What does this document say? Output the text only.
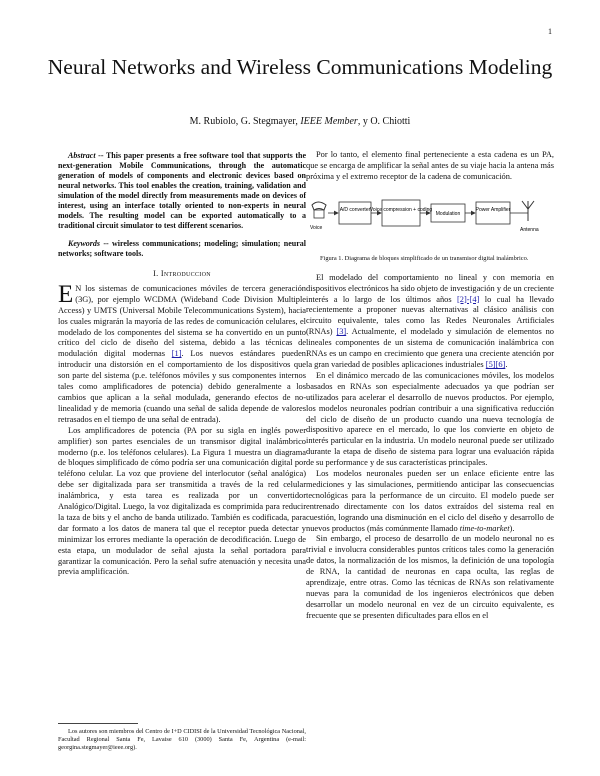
1
Neural Networks and Wireless Communications Modeling
M. Rubiolo, G. Stegmayer, IEEE Member, y O. Chiotti

Abstract -- This paper presents a free software tool that supports the next-generation Mobile Communications, through the automatic generation of models of components and electronic devices based on neural networks. This tool enables the creation, training, validation and simulation of the model directly from measurements made on devices of interest, using an interface totally oriented to non-experts in neural models. The resulting model can be exported automatically to a traditional circuit simulator to test different scenarios.

Keywords -- wireless communications; modeling; simulation; neural networks; software tools.

I. Introduccion

E N los sistemas de comunicaciones móviles de tercera generación (3G), por ejemplo WCDMA (Wideband Code Division Multiple Access) y UMTS (Universal Mobile Telecommunications System), hacia los cuales migrarán la mayoría de las redes de comunicación celulares, el modelado de los componentes del sistema se ha convertido en un punto crítico del ciclo de diseño del sistema, debido a las técnicas de modulación digital modernas [1]. Los nuevos estándares pueden introducir una distorsión en el comportamiento de los dispositivos que son parte del sistema (p.e. teléfonos móviles y sus componentes internos tales como amplificadores de potencia) debido generalmente a los cambios que aplican a la señal modulada, generando efectos de no-linealidad y de memoria (cuando una señal de salida depende de valores retrasados en el tiempo de una señal de entrada).

Los amplificadores de potencia (PA por su sigla en inglés power amplifier) son partes esenciales de un transmisor digital inalámbrico moderno (p.e. los teléfonos celulares). La Figura 1 muestra un diagrama de bloques simplificado de cómo podría ser una comunicación digital por teléfono celular. La voz que proviene del interlocutor (señal analógica) debe ser digitalizada para ser transmitida a través de la red celular inalámbrica, y esta tarea es realizada por un convertidor Analógico/Digital. Luego, la voz digitalizada es comprimida para reducir la taza de bits y el ancho de banda utilizado. También es codificada, para dar formato a los datos de manera tal que el receptor pueda detectar y minimizar los errores mediante la operación de decodificación. Luego de esta etapa, un modulador de señal ajusta la señal portadora para garantizar la comunicación. Pero la señal sufre atenuación y necesita una previa amplificación.

Los autores son miembros del Centro de I+D CIDISI de la Universidad Tecnológica Nacional, Facultad Regional Santa Fe, Lavaise 610 (3000) Santa Fe, Argentina (e-mail: georgina.stegmayer@ieee.org).

Por lo tanto, el elemento final perteneciente a esta cadena es un PA, que se encarga de amplificar la señal antes de su viaje hacia la antena más próxima y el extremo receptor de la cadena de comunicación.

Voice
A/D converter Voice compression + coding
Modulation
Power Amplifier
Antenna

Figura 1. Diagrama de bloques simplificado de un transmisor digital inalámbrico.

El modelado del comportamiento no lineal y con memoria en dispositivos electrónicos ha sido objeto de investigación y de un creciente interés a lo largo de los últimos años [2]-[4] lo cual ha llevado recientemente a proponer nuevas alternativas al clásico análisis con circuito equivalente, tales como las Redes Neuronales Artificiales (RNAs) [3]. Actualmente, el modelado y simulación de elementos no lineales componentes de un sistema de comunicación inalámbrica con RNAs es un campo en crecimiento que genera una creciente atención por la gran variedad de posibles aplicaciones industriales [5][6].

En el dinámico mercado de las comunicaciones móviles, los modelos basados en RNAs son especialmente adecuados ya que podrían ser utilizados para acelerar el desarrollo de nuevos productos. Por ejemplo, los modelos neuronales podrían contribuir a una significativa reducción del ciclo de diseño de un producto cuando una nueva tecnología de dispositivo aparece en el mercado, lo que los convierte en objeto de interés particular en la industria. Un modelo neuronal puede ser utilizado durante la etapa de diseño de sistema para lograr una evaluación rápida de su performance y de sus características principales.

Los modelos neuronales pueden ser un enlace eficiente entre las mediciones y las simulaciones, permitiendo anticipar las consecuencias tecnológicas para la performance de un circuito. El modelo puede ser entrenado directamente con los datos extraídos del sistema real en cuestión, logrando una disminución en el ciclo del diseño y desarrollo de nuevos productos (más comúnmente llamado time-to-market).

Sin embargo, el proceso de desarrollo de un modelo neuronal no es trivial e involucra considerables puntos críticos tales como la generación de datos, la normalización de los mismos, la definición de una topología de RNA, la cantidad de neuronas en capa oculta, las reglas de aprendizaje, entre otras. Como las técnicas de RNAs son relativamente nuevas para la comunidad de los ingenieros electrónicos que deben desarrollar un modelo neuronal en vez de un circuito equivalente, es frecuente que se presenten dificultades para ellos en el
